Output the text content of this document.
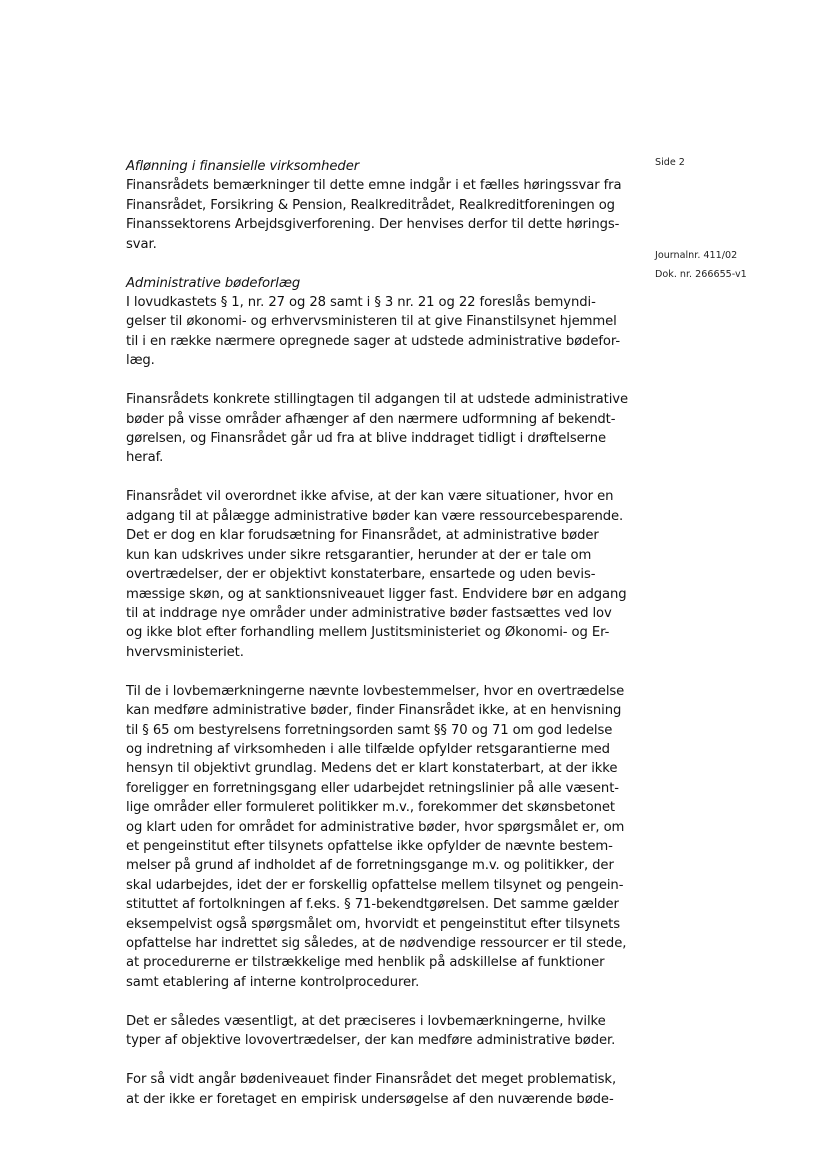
Side 2
Journalnr. 411/02
Dok. nr. 266655-v1
Aflønning i finansielle virksomheder
Finansrådets bemærkninger til dette emne indgår i et fælles høringssvar fra
Finansrådet, Forsikring & Pension, Realkreditrådet, Realkreditforeningen og
Finanssektorens Arbejdsgiverforening. Der henvises derfor til dette hørings-
svar.
Administrative bødeforlæg
I lovudkastets § 1, nr. 27 og 28 samt i § 3 nr. 21 og 22 foreslås bemyndi-
gelser til økonomi- og erhvervsministeren til at give Finanstilsynet hjemmel
til i en række nærmere opregnede sager at udstede administrative bødefor-
læg.
Finansrådets konkrete stillingtagen til adgangen til at udstede administrative
bøder på visse områder afhænger af den nærmere udformning af bekendt-
gørelsen, og Finansrådet går ud fra at blive inddraget tidligt i drøftelserne
heraf.
Finansrådet vil overordnet ikke afvise, at der kan være situationer, hvor en
adgang til at pålægge administrative bøder kan være ressourcebesparende.
Det er dog en klar forudsætning for Finansrådet, at administrative bøder
kun kan udskrives under sikre retsgarantier, herunder at der er tale om
overtrædelser, der er objektivt konstaterbare, ensartede og uden bevis-
mæssige skøn, og at sanktionsniveauet ligger fast. Endvidere bør en adgang
til at inddrage nye områder under administrative bøder fastsættes ved lov
og ikke blot efter forhandling mellem Justitsministeriet og Økonomi- og Er-
hvervsministeriet.
Til de i lovbemærkningerne nævnte lovbestemmelser, hvor en overtrædelse
kan medføre administrative bøder, finder Finansrådet ikke, at en henvisning
til § 65 om bestyrelsens forretningsorden samt §§ 70 og 71 om god ledelse
og indretning af virksomheden i alle tilfælde opfylder retsgarantierne med
hensyn til objektivt grundlag. Medens det er klart konstaterbart, at der ikke
foreligger en forretningsgang eller udarbejdet retningslinier på alle væsent-
lige områder eller formuleret politikker m.v., forekommer det skønsbetonet
og klart uden for området for administrative bøder, hvor spørgsmålet er, om
et pengeinstitut efter tilsynets opfattelse ikke opfylder de nævnte bestem-
melser på grund af indholdet af de forretningsgange m.v. og politikker, der
skal udarbejdes, idet der er forskellig opfattelse mellem tilsynet og pengein-
stituttet af fortolkningen af f.eks. § 71-bekendtgørelsen. Det samme gælder
eksempelvist også spørgsmålet om, hvorvidt et pengeinstitut efter tilsynets
opfattelse har indrettet sig således, at de nødvendige ressourcer er til stede,
at procedurerne er tilstrækkelige med henblik på adskillelse af funktioner
samt etablering af interne kontrolprocedurer.
Det er således væsentligt, at det præciseres i lovbemærkningerne, hvilke
typer af objektive lovovertrædelser, der kan medføre administrative bøder.
For så vidt angår bødeniveauet finder Finansrådet det meget problematisk,
at der ikke er foretaget en empirisk undersøgelse af den nuværende bøde-
